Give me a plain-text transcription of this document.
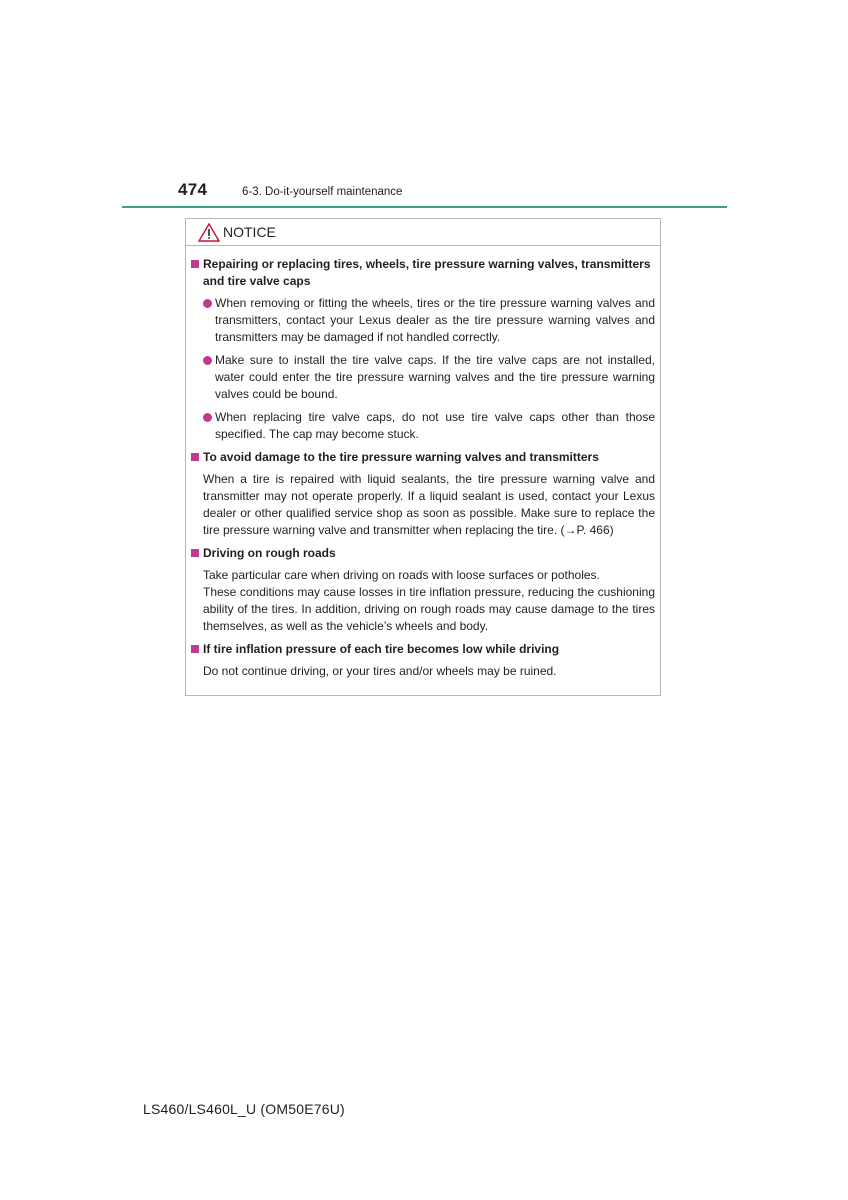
474	6-3. Do-it-yourself maintenance
NOTICE
Repairing or replacing tires, wheels, tire pressure warning valves, transmitters and tire valve caps
When removing or fitting the wheels, tires or the tire pressure warning valves and transmitters, contact your Lexus dealer as the tire pressure warning valves and transmitters may be damaged if not handled correctly.
Make sure to install the tire valve caps. If the tire valve caps are not installed, water could enter the tire pressure warning valves and the tire pressure warning valves could be bound.
When replacing tire valve caps, do not use tire valve caps other than those specified. The cap may become stuck.
To avoid damage to the tire pressure warning valves and transmitters
When a tire is repaired with liquid sealants, the tire pressure warning valve and transmitter may not operate properly. If a liquid sealant is used, contact your Lexus dealer or other qualified service shop as soon as possible. Make sure to replace the tire pressure warning valve and transmitter when replacing the tire. (→P. 466)
Driving on rough roads
Take particular care when driving on roads with loose surfaces or potholes.
These conditions may cause losses in tire inflation pressure, reducing the cushioning ability of the tires. In addition, driving on rough roads may cause damage to the tires themselves, as well as the vehicle’s wheels and body.
If tire inflation pressure of each tire becomes low while driving
Do not continue driving, or your tires and/or wheels may be ruined.
LS460/LS460L_U (OM50E76U)
